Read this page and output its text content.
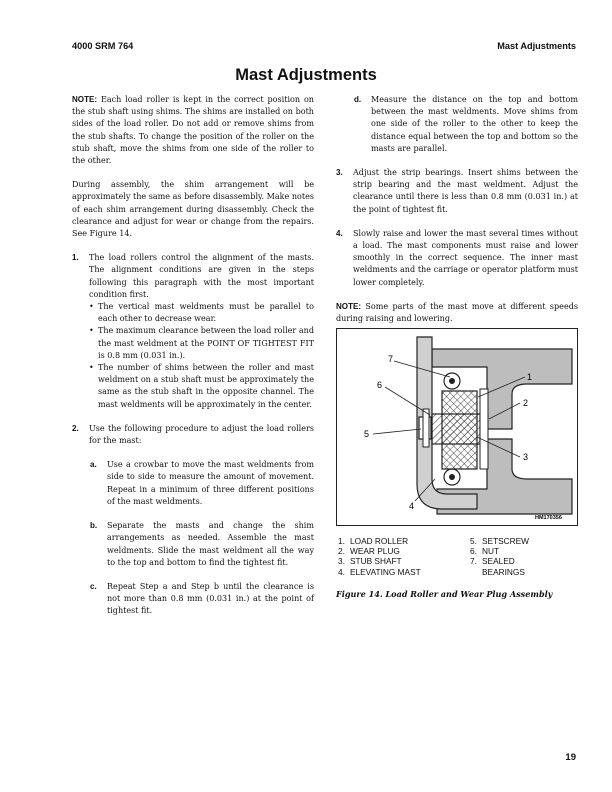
4000 SRM 764	Mast Adjustments
Mast Adjustments

NOTE: Each load roller is kept in the correct position on the stub shaft using shims. The shims are installed on both sides of the load roller. Do not add or remove shims from the stub shafts. To change the position of the roller on the stub shaft, move the shims from one side of the roller to the other.

During assembly, the shim arrangement will be approximately the same as before disassembly. Make notes of each shim arrangement during disassembly. Check the clearance and adjust for wear or change from the repairs. See Figure 14.

1. The load rollers control the alignment of the masts. The alignment conditions are given in the steps following this paragraph with the most important condition first.

• The vertical mast weldments must be parallel to each other to decrease wear.
• The maximum clearance between the load roller and the mast weldment at the POINT OF TIGHTEST FIT is 0.8 mm (0.031 in.).
• The number of shims between the roller and mast weldment on a stub shaft must be approximately the same as the stub shaft in the opposite channel. The mast weldments will be approximately in the center.
2. Use the following procedure to adjust the load rollers for the mast:

a. Use a crowbar to move the mast weldments from side to side to measure the amount of movement. Repeat in a minimum of three different positions of the mast weldments.

b. Separate the masts and change the shim arrangements as needed. Assemble the mast weldments. Slide the mast weldment all the way to the top and bottom to find the tightest fit.

c. Repeat Step a and Step b until the clearance is not more than 0.8 mm (0.031 in.) at the point of tightest fit.

d. Measure the distance on the top and bottom between the mast weldments. Move shims from one side of the roller to the other to keep the distance equal between the top and bottom so the masts are parallel.

3. Adjust the strip bearings. Insert shims between the strip bearing and the mast weldment. Adjust the clearance until there is less than 0.8 mm (0.031 in.) at the point of tightest fit.

4. Slowly raise and lower the mast several times without a load. The mast components must raise and lower smoothly in the correct sequence. The inner mast weldments and the carriage or operator platform must lower completely.

NOTE: Some parts of the mast move at different speeds during raising and lowering.

7
6
5
1
2
3
4
HM170356
1. LOAD ROLLER
2. WEAR PLUG
3. STUB SHAFT
4. ELEVATING MAST
5. SETSCREW
6. NUT
7. SEALED BEARINGS
Figure 14. Load Roller and Wear Plug Assembly
19
